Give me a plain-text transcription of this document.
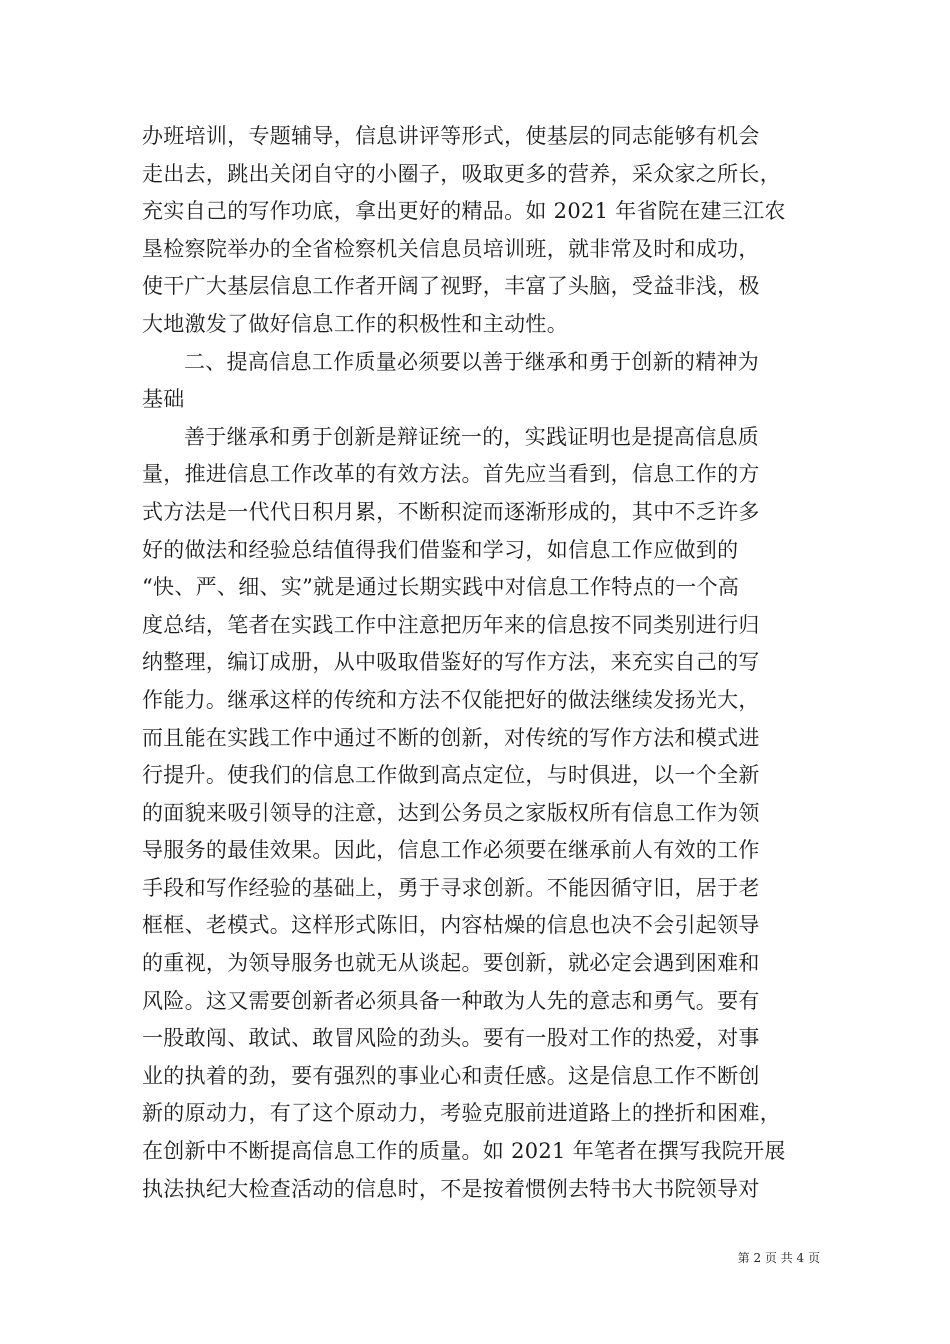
办班培训，专题辅导，信息讲评等形式，使基层的同志能够有机会
走出去，跳出关闭自守的小圈子，吸取更多的营养，采众家之所长，
充实自己的写作功底，拿出更好的精品。如 2021 年省院在建三江农
垦检察院举办的全省检察机关信息员培训班，就非常及时和成功，
使干广大基层信息工作者开阔了视野，丰富了头脑，受益非浅，极
大地激发了做好信息工作的积极性和主动性。
二、提高信息工作质量必须要以善于继承和勇于创新的精神为
基础
善于继承和勇于创新是辩证统一的，实践证明也是提高信息质
量，推进信息工作改革的有效方法。首先应当看到，信息工作的方
式方法是一代代日积月累，不断积淀而逐渐形成的，其中不乏许多
好的做法和经验总结值得我们借鉴和学习，如信息工作应做到的
“快、严、细、实”就是通过长期实践中对信息工作特点的一个高
度总结，笔者在实践工作中注意把历年来的信息按不同类别进行归
纳整理，编订成册，从中吸取借鉴好的写作方法，来充实自己的写
作能力。继承这样的传统和方法不仅能把好的做法继续发扬光大，
而且能在实践工作中通过不断的创新，对传统的写作方法和模式进
行提升。使我们的信息工作做到高点定位，与时俱进，以一个全新
的面貌来吸引领导的注意，达到公务员之家版权所有信息工作为领
导服务的最佳效果。因此，信息工作必须要在继承前人有效的工作
手段和写作经验的基础上，勇于寻求创新。不能因循守旧，居于老
框框、老模式。这样形式陈旧，内容枯燥的信息也决不会引起领导
的重视，为领导服务也就无从谈起。要创新，就必定会遇到困难和
风险。这又需要创新者必须具备一种敢为人先的意志和勇气。要有
一股敢闯、敢试、敢冒风险的劲头。要有一股对工作的热爱，对事
业的执着的劲，要有强烈的事业心和责任感。这是信息工作不断创
新的原动力，有了这个原动力，考验克服前进道路上的挫折和困难，
在创新中不断提高信息工作的质量。如 2021 年笔者在撰写我院开展
执法执纪大检查活动的信息时，不是按着惯例去特书大书院领导对
第 2 页 共 4 页
